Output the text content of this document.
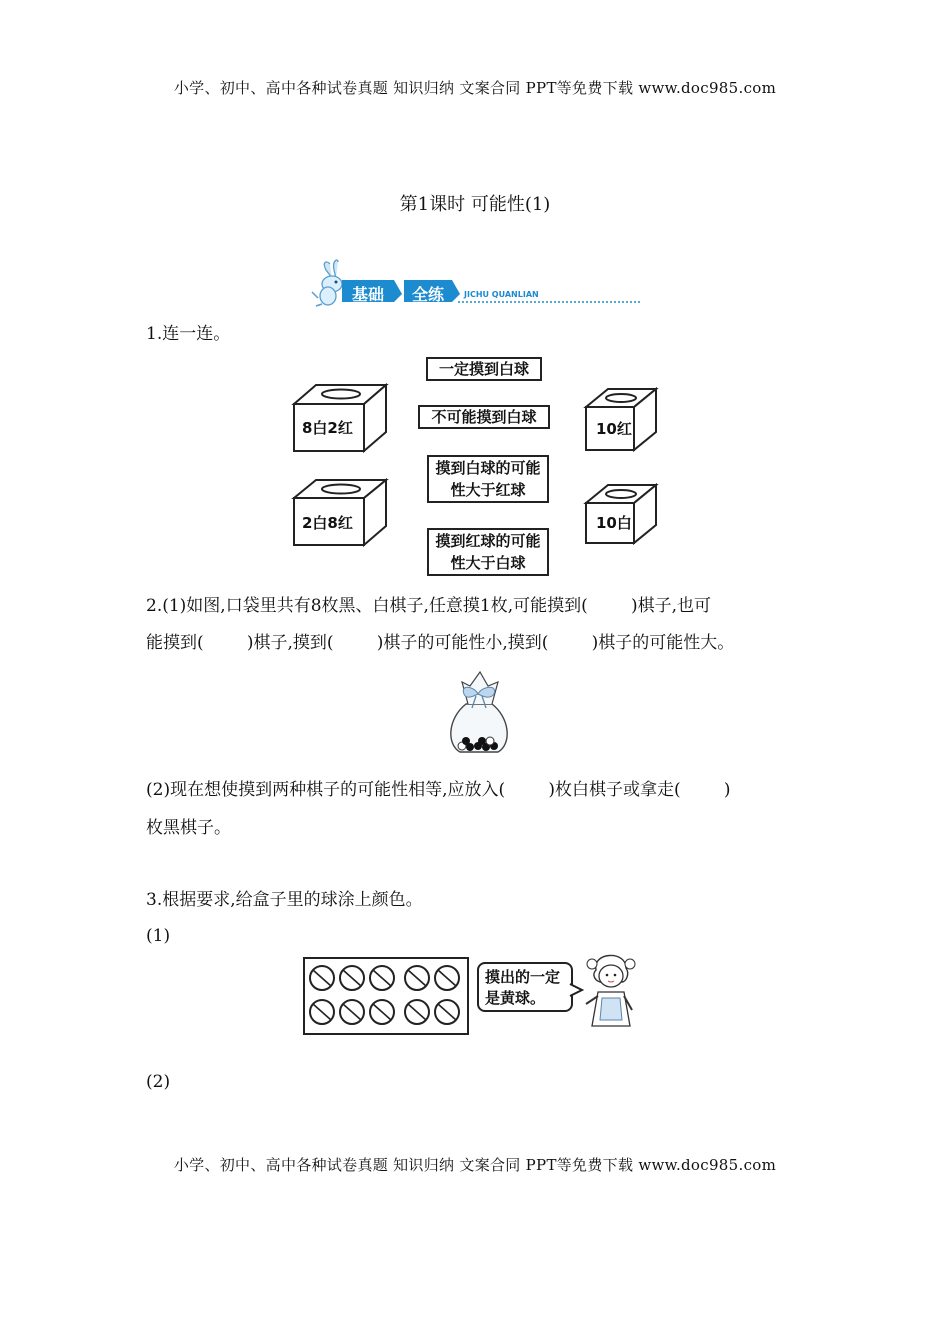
小学、初中、高中各种试卷真题 知识归纳 文案合同 PPT等免费下载 www.doc985.com
第1课时 可能性(1)
基础 全练 JICHU QUANLIAN
1.连一连。
8白2红
2白8红
10红
10白
一定摸到白球
不可能摸到白球
摸到白球的可能性大于红球
摸到红球的可能性大于白球
2.(1)如图,口袋里共有8枚黑、白棋子,任意摸1枚,可能摸到(        )棋子,也可
能摸到(        )棋子,摸到(        )棋子的可能性小,摸到(        )棋子的可能性大。
(2)现在想使摸到两种棋子的可能性相等,应放入(        )枚白棋子或拿走(        )
枚黑棋子。
3.根据要求,给盒子里的球涂上颜色。
(1)
摸出的一定是黄球。
(2)
小学、初中、高中各种试卷真题 知识归纳 文案合同 PPT等免费下载 www.doc985.com
